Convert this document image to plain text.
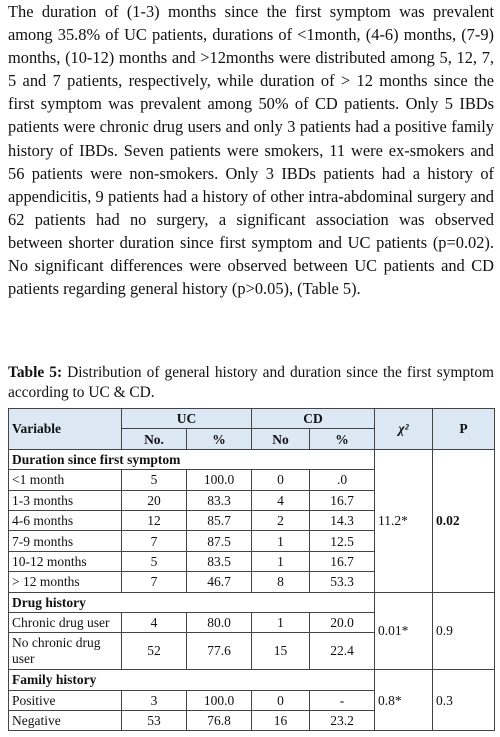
The duration of (1-3) months since the first symptom was prevalent among 35.8% of UC patients, durations of <1month, (4-6) months, (7-9) months, (10-12) months and >12months were distributed among 5, 12, 7, 5 and 7 patients, respectively, while duration of > 12 months since the first symptom was prevalent among 50% of CD patients. Only 5 IBDs patients were chronic drug users and only 3 patients had a positive family history of IBDs. Seven patients were smokers, 11 were ex-smokers and 56 patients were non-smokers. Only 3 IBDs patients had a history of appendicitis, 9 patients had a history of other intra-abdominal surgery and 62 patients had no surgery, a significant association was observed between shorter duration since first symptom and UC patients (p=0.02). No significant differences were observed between UC patients and CD patients regarding general history (p>0.05), (Table 5).

Table 5: Distribution of general history and duration since the first symptom according to UC & CD.

Variable	UC		CD		χ²	P
	No.	%	No	%		
Duration since first symptom					11.2*	0.02
<1 month	5	100.0	0	.0		
1-3 months	20	83.3	4	16.7		
4-6 months	12	85.7	2	14.3		
7-9 months	7	87.5	1	12.5		
10-12 months	5	83.5	1	16.7		
> 12 months	7	46.7	8	53.3		
Drug history					0.01*	0.9
Chronic drug user	4	80.0	1	20.0		
No chronic drug user	52	77.6	15	22.4		
Family history					0.8*	0.3
Positive	3	100.0	0	-		
Negative	53	76.8	16	23.2		
